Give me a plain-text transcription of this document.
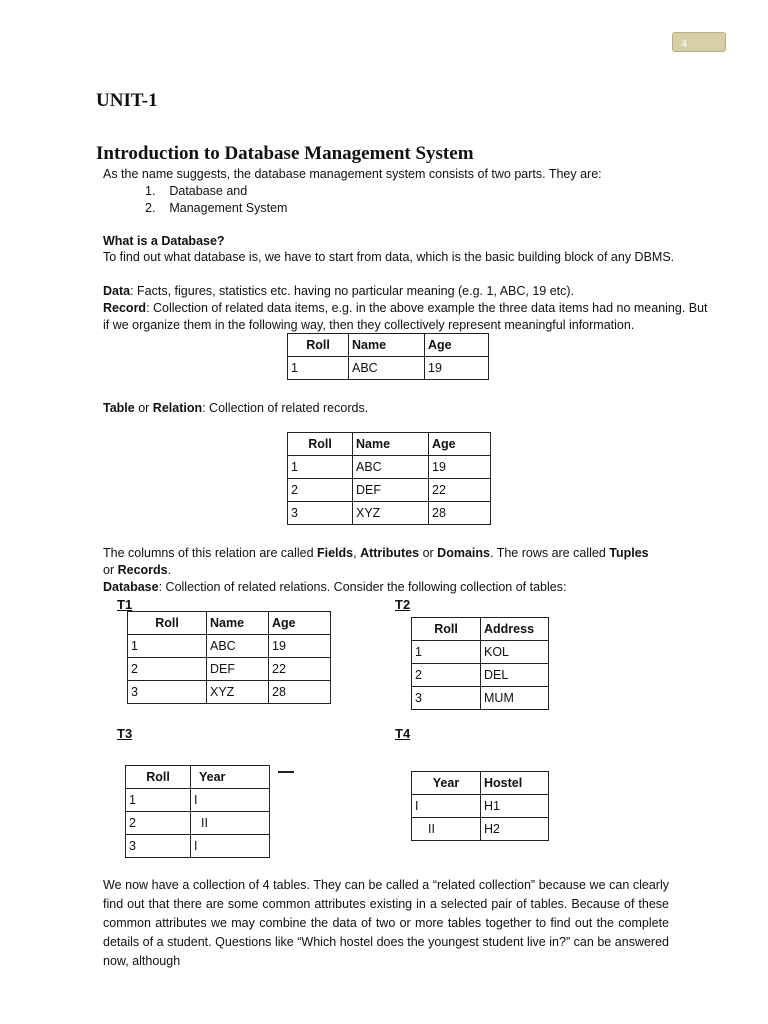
4
UNIT-1
Introduction to Database Management System
As the name suggests, the database management system consists of two parts. They are:
1. Database and
2. Management System
What is a Database?
To find out what database is, we have to start from data, which is the basic building block of any DBMS.
Data: Facts, figures, statistics etc. having no particular meaning (e.g. 1, ABC, 19 etc).
Record: Collection of related data items, e.g. in the above example the three data items had no meaning. But
if we organize them in the following way, then they collectively represent meaningful information.
Roll	Name	Age
1	ABC	19
Table or Relation: Collection of related records.
Roll	Name	Age
1	ABC	19
2	DEF	22
3	XYZ	28
The columns of this relation are called Fields, Attributes or Domains. The rows are called Tuples
or Records.
Database: Collection of related relations. Consider the following collection of tables:
T1
Roll	Name	Age
1	ABC	19
2	DEF	22
3	XYZ	28
T2
Roll	Address
1	KOL
2	DEL
3	MUM
T3
Roll	Year
1	I
2	II
3	I
T4
Year	Hostel
I	H1
II	H2
We now have a collection of 4 tables. They can be called a “related collection” because we can clearly find out that there are some common attributes existing in a selected pair of tables. Because of these common attributes we may combine the data of two or more tables together to find out the complete details of a student. Questions like “Which hostel does the youngest student live in?” can be answered now, although
